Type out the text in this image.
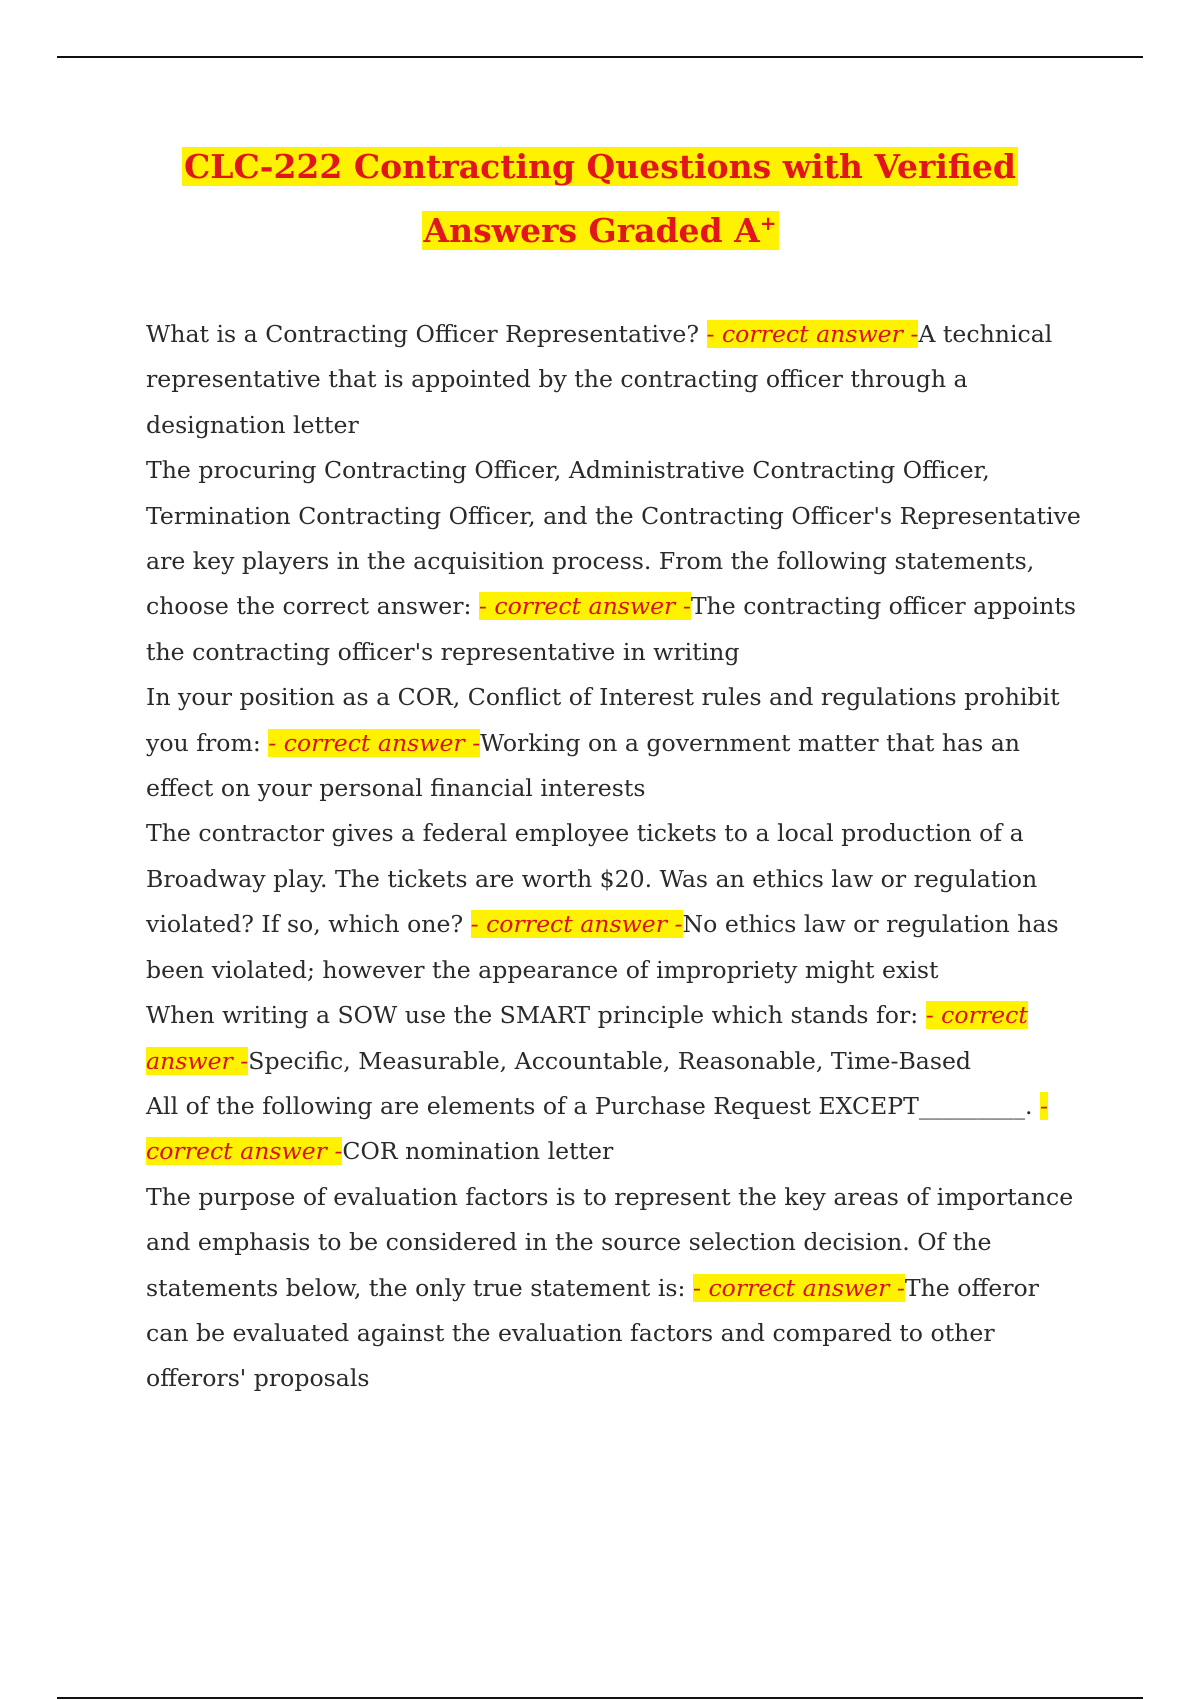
CLC-222 Contracting Questions with Verified

Answers Graded A+

What is a Contracting Officer Representative? - correct answer -A technical representative that is appointed by the contracting officer through a designation letter

The procuring Contracting Officer, Administrative Contracting Officer, Termination Contracting Officer, and the Contracting Officer's Representative are key players in the acquisition process. From the following statements, choose the correct answer: - correct answer -The contracting officer appoints the contracting officer's representative in writing

In your position as a COR, Conflict of Interest rules and regulations prohibit you from: - correct answer -Working on a government matter that has an effect on your personal financial interests

The contractor gives a federal employee tickets to a local production of a Broadway play. The tickets are worth $20. Was an ethics law or regulation violated? If so, which one? - correct answer -No ethics law or regulation has been violated; however the appearance of impropriety might exist

When writing a SOW use the SMART principle which stands for: - correct answer -Specific, Measurable, Accountable, Reasonable, Time-Based

All of the following are elements of a Purchase Request EXCEPT_________. - correct answer -COR nomination letter

The purpose of evaluation factors is to represent the key areas of importance and emphasis to be considered in the source selection decision. Of the statements below, the only true statement is: - correct answer -The offeror can be evaluated against the evaluation factors and compared to other offerors' proposals
